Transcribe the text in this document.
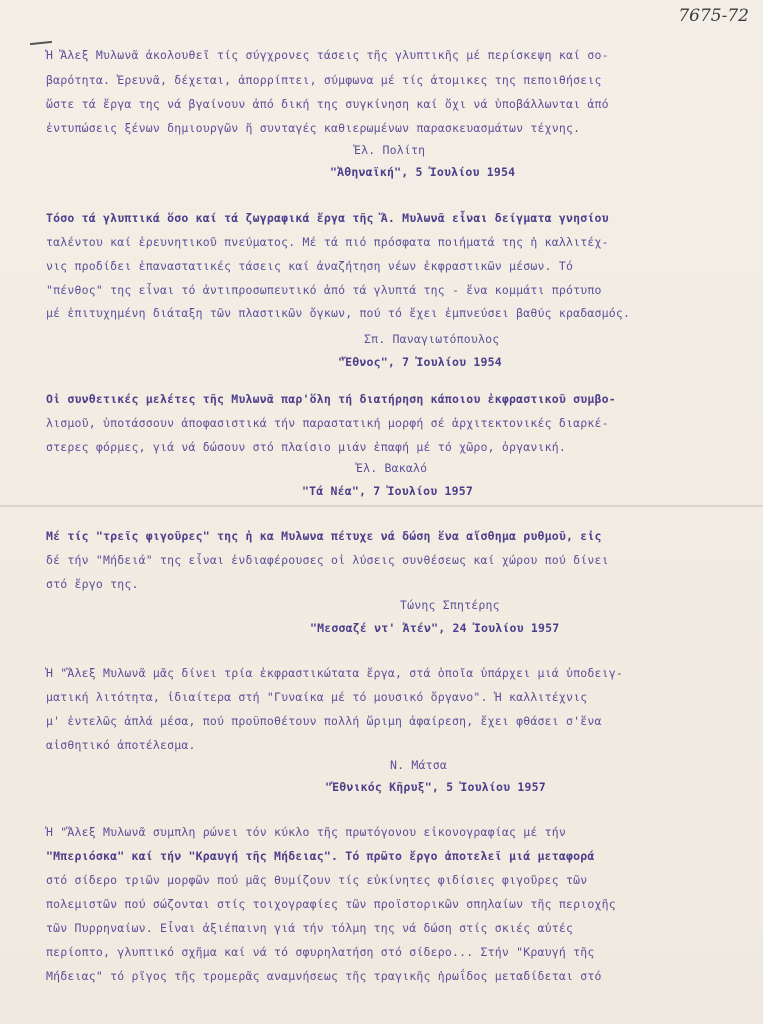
7675-72
Ἡ Ἄλεξ Μυλωνᾶ ἀκολουθεῖ τίς σύγχρονες τάσεις τῆς γλυπτικῆς μέ περίσκεψη καί σο-
βαρότητα. Ἐρευνᾶ, δέχεται, ἀπορρίπτει, σύμφωνα μέ τίς ἀτομικες της πεποιθήσεις
ὥστε τά ἔργα της νά βγαίνουν ἀπό δική της συγκίνηση καί ὄχι νά ὑποβάλλωνται ἀπό
ἐντυπώσεις ξένων δημιουργῶν ἤ συνταγές καθιερωμένων παρασκευασμάτων τέχνης.
Ἑλ. Πολίτη
"Ἀθηναϊκή", 5 Ἰουλίου 1954
Τόσο τά γλυπτικά ὅσο καί τά ζωγραφικά ἔργα τῆς Ἄ. Μυλωνᾶ εἶναι δείγματα γνησίου
ταλέντου καί ἐρευνητικοῦ πνεύματος. Μέ τά πιό πρόσφατα ποιήματά της ἡ καλλιτέχ-
νις προδίδει ἐπαναστατικές τάσεις καί ἀναζήτηση νέων ἐκφραστικῶν μέσων. Τό
"πένθος" της εἶναι τό ἀντιπροσωπευτικό ἀπό τά γλυπτά της - ἕνα κομμάτι πρότυπο
μέ ἐπιτυχημένη διάταξη τῶν πλαστικῶν ὄγκων, πού τό ἔχει ἐμπνεύσει βαθύς κραδασμός.
Σπ. Παναγιωτόπουλος
"Ἔθνος", 7 Ἰουλίου 1954
Οἱ συνθετικές μελέτες τῆς Μυλωνᾶ παρ'ὅλη τή διατήρηση κάποιου ἐκφραστικοῦ συμβο-
λισμοῦ, ὑποτάσσουν ἀποφασιστικά τήν παραστατική μορφή σέ ἀρχιτεκτονικές διαρκέ-
στερες φόρμες, γιά νά δώσουν στό πλαίσιο μιάν ἐπαφή μέ τό χῶρο, ὀργανική.
Ἑλ. Βακαλό
"Τά Νέα", 7 Ἰουλίου 1957
Μέ τίς "τρεῖς φιγοῦρες" της ἡ κα Μυλωνα πέτυχε νά δώση ἕνα αἴσθημα ρυθμοῦ, εἰς
δέ τήν "Μήδειά" της εἶναι ἐνδιαφέρουσες οἱ λύσεις συνθέσεως καί χώρου πού δίνει
στό ἔργο της.
Τώνης Σπητέρης
"Μεσσαζέ ντ' Ἀτέν", 24 Ἰουλίου 1957
Ἡ "Ἄλεξ Μυλωνᾶ μᾶς δίνει τρία ἐκφραστικώτατα ἔργα, στά ὁποῖα ὑπάρχει μιά ὑποδειγ-
ματική λιτότητα, ἰδιαίτερα στή "Γυναίκα μέ τό μουσικό ὄργανο". Ἡ καλλιτέχνις
μ' ἐντελῶς ἁπλά μέσα, πού προϋποθέτουν πολλή ὥριμη ἀφαίρεση, ἔχει φθάσει σ'ἕνα
αἰσθητικό ἀποτέλεσμα.
Ν. Μάτσα
"Ἐθνικός Κῆρυξ", 5 Ἰουλίου 1957
Ἡ "Ἄλεξ Μυλωνᾶ συμπλη ρώνει τόν κύκλο τῆς πρωτόγονου εἰκονογραφίας μέ τήν
"Μπεριόσκα" καί τήν "Κραυγή τῆς Μήδειας". Τό πρῶτο ἔργο ἀποτελεῖ μιά μεταφορά
στό σίδερο τριῶν μορφῶν πού μᾶς θυμίζουν τίς εὐκίνητες φιδίσιες φιγοῦρες τῶν
πολεμιστῶν πού σώζονται στίς τοιχογραφίες τῶν προϊστορικῶν σπηλαίων τῆς περιοχῆς
τῶν Πυρρηναίων. Εἶναι ἀξιέπαινη γιά τήν τόλμη της νά δώση στίς σκιές αὐτές
περίοπτο, γλυπτικό σχῆμα καί νά τό σφυρηλατήση στό σίδερο... Στήν "Κραυγή τῆς
Μήδειας" τό ρῖγος τῆς τρομερᾶς αναμνήσεως τῆς τραγικῆς ἡρωΐδος μεταδίδεται στό
